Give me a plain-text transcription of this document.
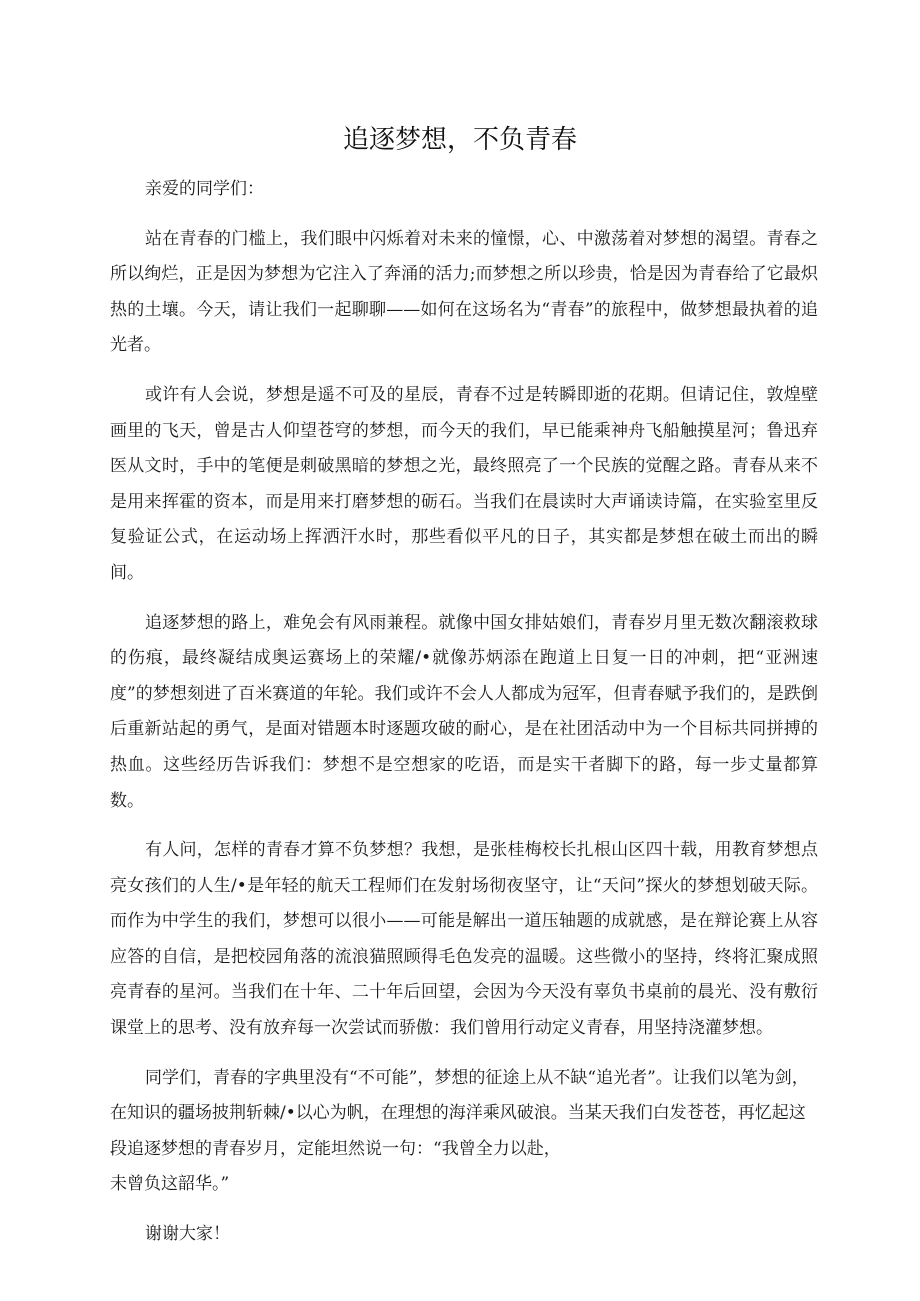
追逐梦想，不负青春

亲爱的同学们：

站在青春的门槛上，我们眼中闪烁着对未来的憧憬，心、中激荡着对梦想的渴望。青春之所以绚烂，正是因为梦想为它注入了奔涌的活力;而梦想之所以珍贵，恰是因为青春给了它最炽热的土壤。今天，请让我们一起聊聊——如何在这场名为“青春”的旅程中，做梦想最执着的追光者。

或许有人会说，梦想是遥不可及的星辰，青春不过是转瞬即逝的花期。但请记住，敦煌壁画里的飞天，曾是古人仰望苍穹的梦想，而今天的我们，早已能乘神舟飞船触摸星河；鲁迅弃医从文时，手中的笔便是刺破黑暗的梦想之光，最终照亮了一个民族的觉醒之路。青春从来不是用来挥霍的资本，而是用来打磨梦想的砺石。当我们在晨读时大声诵读诗篇，在实验室里反复验证公式，在运动场上挥洒汗水时，那些看似平凡的日子，其实都是梦想在破土而出的瞬间。

追逐梦想的路上，难免会有风雨兼程。就像中国女排姑娘们，青春岁月里无数次翻滚救球的伤痕，最终凝结成奥运赛场上的荣耀/•就像苏炳添在跑道上日复一日的冲刺，把“亚洲速度”的梦想刻进了百米赛道的年轮。我们或许不会人人都成为冠军，但青春赋予我们的，是跌倒后重新站起的勇气，是面对错题本时逐题攻破的耐心，是在社团活动中为一个目标共同拼搏的热血。这些经历告诉我们：梦想不是空想家的吃语，而是实干者脚下的路，每一步丈量都算数。

有人问，怎样的青春才算不负梦想？我想，是张桂梅校长扎根山区四十载，用教育梦想点亮女孩们的人生/•是年轻的航天工程师们在发射场彻夜坚守，让“天问”探火的梦想划破天际。而作为中学生的我们，梦想可以很小——可能是解出一道压轴题的成就感，是在辩论赛上从容应答的自信，是把校园角落的流浪猫照顾得毛色发亮的温暖。这些微小的坚持，终将汇聚成照亮青春的星河。当我们在十年、二十年后回望，会因为今天没有辜负书桌前的晨光、没有敷衍课堂上的思考、没有放弃每一次尝试而骄傲：我们曾用行动定义青春，用坚持浇灌梦想。

同学们，青春的字典里没有“不可能”，梦想的征途上从不缺“追光者”。让我们以笔为剑，在知识的疆场披荆斩棘/•以心为帆，在理想的海洋乘风破浪。当某天我们白发苍苍，再忆起这段追逐梦想的青春岁月，定能坦然说一句：“我曾全力以赴，
未曾负这韶华。”

谢谢大家！
